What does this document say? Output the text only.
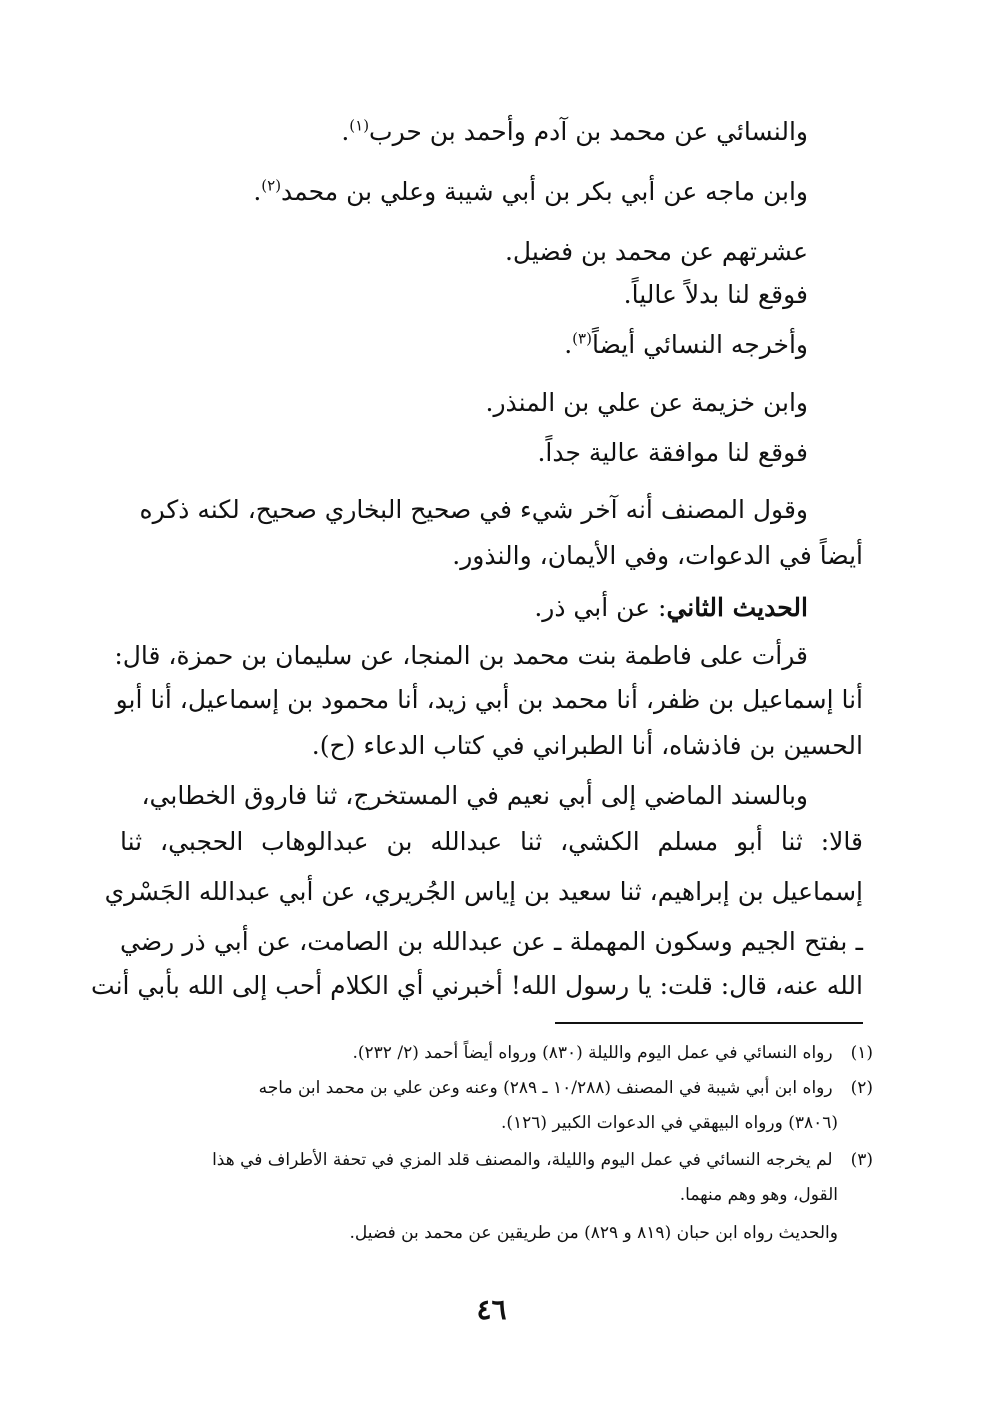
والنسائي عن محمد بن آدم وأحمد بن حرب$^{(١)}$.
وابن ماجه عن أبي بكر بن أبي شيبة وعلي بن محمد$^{(٢)}$.
عشرتهم عن محمد بن فضيل.
فوقع لنا بدلاً عالياً.
وأخرجه النسائي أيضاً$^{(٣)}$.
وابن خزيمة عن علي بن المنذر.
فوقع لنا موافقة عالية جداً.
وقول المصنف أنه آخر شيء في صحيح البخاري صحيح، لكنه ذكره
أيضاً في الدعوات، وفي الأيمان، والنذور.
الحديث الثاني: عن أبي ذر.
قرأت على فاطمة بنت محمد بن المنجا، عن سليمان بن حمزة، قال:
أنا إسماعيل بن ظفر، أنا محمد بن أبي زيد، أنا محمود بن إسماعيل، أنا أبو
الحسين بن فاذشاه، أنا الطبراني في كتاب الدعاء (ح).
وبالسند الماضي إلى أبي نعيم في المستخرج، ثنا فاروق الخطابي،
قالا: ثنا أبو مسلم الكشي، ثنا عبدالله بن عبدالوهاب الحجبي، ثنا
إسماعيل بن إبراهيم، ثنا سعيد بن إياس الجُريري، عن أبي عبدالله الجَسْري
ـ بفتح الجيم وسكون المهملة ـ عن عبدالله بن الصامت، عن أبي ذر رضي
الله عنه، قال: قلت: يا رسول الله! أخبرني أي الكلام أحب إلى الله بأبي أنت
(١) رواه النسائي في عمل اليوم والليلة (٨٣٠) ورواه أيضاً أحمد (٢/ ٢٣٢).
(٢) رواه ابن أبي شيبة في المصنف (١٠/٢٨٨ ـ ٢٨٩) وعنه وعن علي بن محمد ابن ماجه
(٣٨٠٦) ورواه البيهقي في الدعوات الكبير (١٢٦).
(٣) لم يخرجه النسائي في عمل اليوم والليلة، والمصنف قلد المزي في تحفة الأطراف في هذا
القول، وهو وهم منهما.
والحديث رواه ابن حبان (٨١٩ و ٨٢٩) من طريقين عن محمد بن فضيل.
٤٦
